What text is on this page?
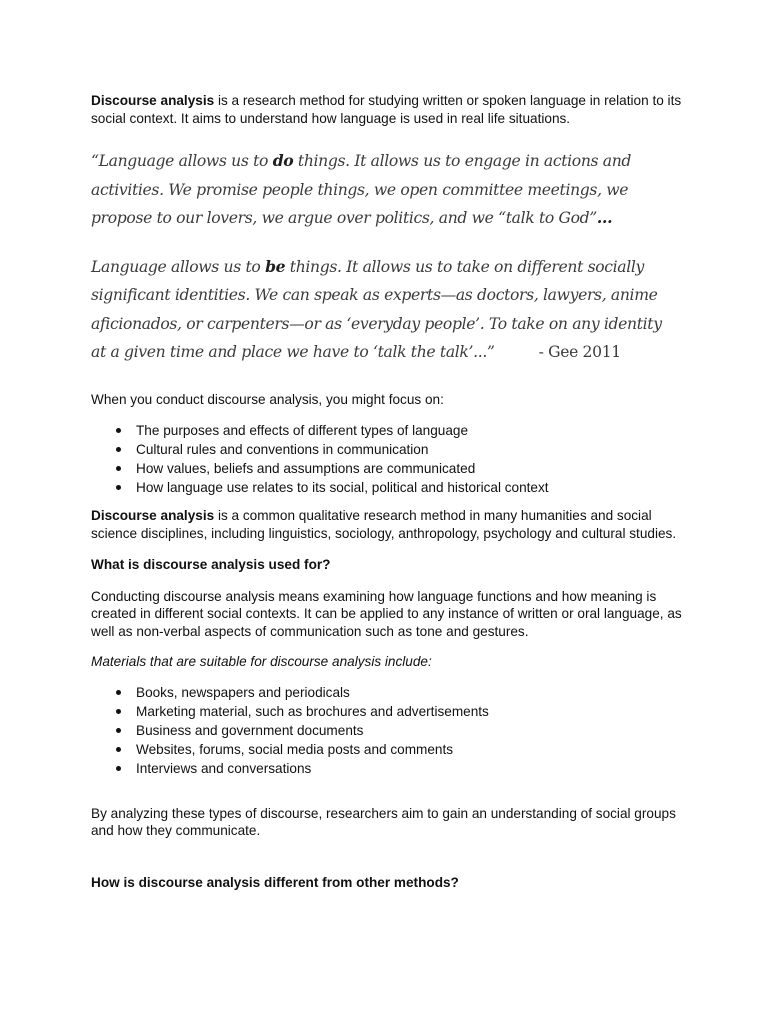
Discourse analysis is a research method for studying written or spoken language in relation to its social context. It aims to understand how language is used in real life situations.

“Language allows us to do things. It allows us to engage in actions and activities. We promise people things, we open committee meetings, we propose to our lovers, we argue over politics, and we “talk to God”...

Language allows us to be things. It allows us to take on different socially significant identities. We can speak as experts—as doctors, lawyers, anime aficionados, or carpenters—or as ‘everyday people’. To take on any identity at a given time and place we have to ‘talk the talk’...”	- Gee 2011

When you conduct discourse analysis, you might focus on:

The purposes and effects of different types of language
Cultural rules and conventions in communication
How values, beliefs and assumptions are communicated
How language use relates to its social, political and historical context

Discourse analysis is a common qualitative research method in many humanities and social science disciplines, including linguistics, sociology, anthropology, psychology and cultural studies.

What is discourse analysis used for?

Conducting discourse analysis means examining how language functions and how meaning is created in different social contexts. It can be applied to any instance of written or oral language, as well as non-verbal aspects of communication such as tone and gestures.

Materials that are suitable for discourse analysis include:

Books, newspapers and periodicals
Marketing material, such as brochures and advertisements
Business and government documents
Websites, forums, social media posts and comments
Interviews and conversations

By analyzing these types of discourse, researchers aim to gain an understanding of social groups and how they communicate.

How is discourse analysis different from other methods?
